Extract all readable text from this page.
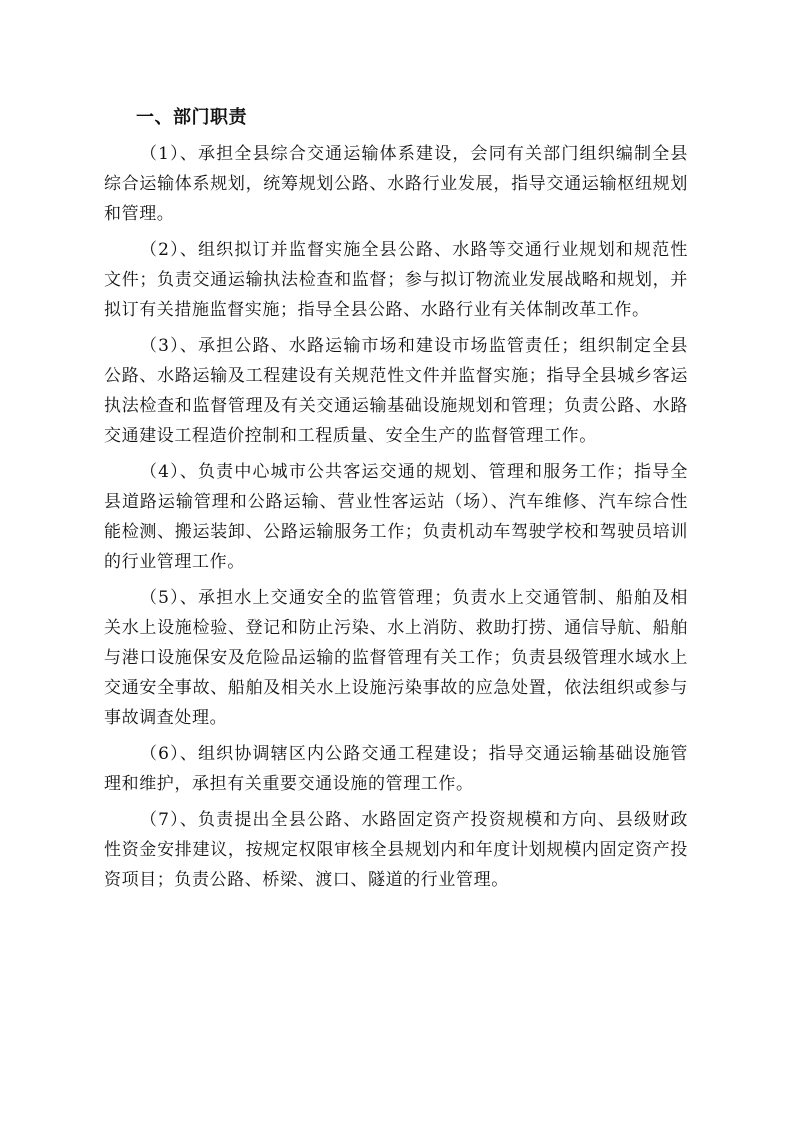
一、部门职责

（1）、承担全县综合交通运输体系建设，会同有关部门组织编制全县综合运输体系规划，统筹规划公路、水路行业发展，指导交通运输枢纽规划和管理。

（2）、组织拟订并监督实施全县公路、水路等交通行业规划和规范性文件；负责交通运输执法检查和监督；参与拟订物流业发展战略和规划，并拟订有关措施监督实施；指导全县公路、水路行业有关体制改革工作。

（3）、承担公路、水路运输市场和建设市场监管责任；组织制定全县公路、水路运输及工程建设有关规范性文件并监督实施；指导全县城乡客运执法检查和监督管理及有关交通运输基础设施规划和管理；负责公路、水路交通建设工程造价控制和工程质量、安全生产的监督管理工作。

（4）、负责中心城市公共客运交通的规划、管理和服务工作；指导全县道路运输管理和公路运输、营业性客运站（场）、汽车维修、汽车综合性能检测、搬运装卸、公路运输服务工作；负责机动车驾驶学校和驾驶员培训的行业管理工作。

（5）、承担水上交通安全的监管管理；负责水上交通管制、船舶及相关水上设施检验、登记和防止污染、水上消防、救助打捞、通信导航、船舶与港口设施保安及危险品运输的监督管理有关工作；负责县级管理水域水上交通安全事故、船舶及相关水上设施污染事故的应急处置，依法组织或参与事故调查处理。

（6）、组织协调辖区内公路交通工程建设；指导交通运输基础设施管理和维护，承担有关重要交通设施的管理工作。

（7）、负责提出全县公路、水路固定资产投资规模和方向、县级财政性资金安排建议，按规定权限审核全县规划内和年度计划规模内固定资产投资项目；负责公路、桥梁、渡口、隧道的行业管理。
